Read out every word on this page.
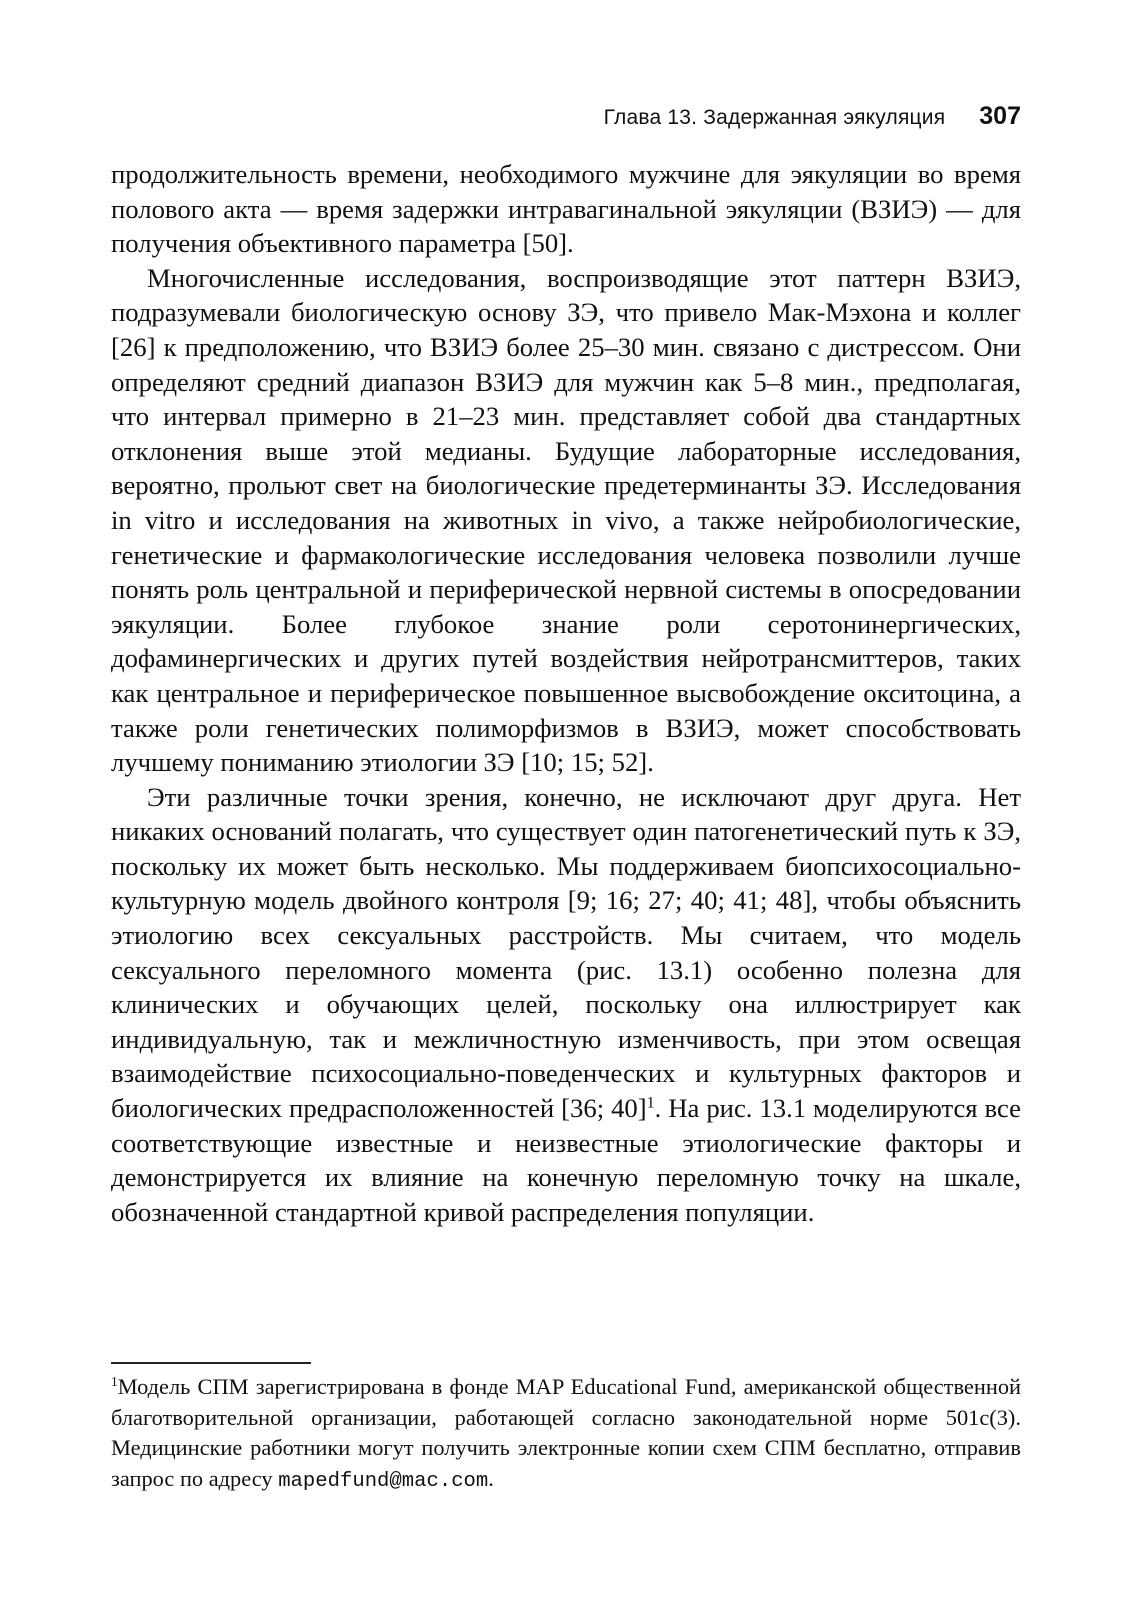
Глава 13. Задержанная эякуляция 307

продолжительность времени, необходимого мужчине для эякуляции во время полового акта — время задержки интравагинальной эякуляции (ВЗИЭ) — для получения объективного параметра [50].

Многочисленные исследования, воспроизводящие этот паттерн ВЗИЭ, подразумевали биологическую основу ЗЭ, что привело Мак-Мэхона и коллег [26] к предположению, что ВЗИЭ более 25–30 мин. связано с дистрессом. Они определяют средний диапазон ВЗИЭ для мужчин как 5–8 мин., предполагая, что интервал примерно в 21–23 мин. представляет собой два стандартных отклонения выше этой медианы. Будущие лабораторные исследования, вероятно, прольют свет на биологические предетерминанты ЗЭ. Исследования in vitro и исследования на животных in vivo, а также нейробиологические, генетические и фармакологические исследования человека позволили лучше понять роль центральной и периферической нервной системы в опосредовании эякуляции. Более глубокое знание роли серотонинергических, дофаминергических и других путей воздействия нейротрансмиттеров, таких как центральное и периферическое повышенное высвобождение окситоцина, а также роли генетических полиморфизмов в ВЗИЭ, может способствовать лучшему пониманию этиологии ЗЭ [10; 15; 52].

Эти различные точки зрения, конечно, не исключают друг друга. Нет никаких оснований полагать, что существует один патогенетический путь к ЗЭ, поскольку их может быть несколько. Мы поддерживаем биопсихосоциально-культурную модель двойного контроля [9; 16; 27; 40; 41; 48], чтобы объяснить этиологию всех сексуальных расстройств. Мы считаем, что модель сексуального переломного момента (рис. 13.1) особенно полезна для клинических и обучающих целей, поскольку она иллюстрирует как индивидуальную, так и межличностную изменчивость, при этом освещая взаимодействие психосоциально-поведенческих и культурных факторов и биологических предрасположенностей [36; 40]$^1$. На рис. 13.1 моделируются все соответствующие известные и неизвестные этиологические факторы и демонстрируется их влияние на конечную переломную точку на шкале, обозначенной стандартной кривой распределения популяции.

$^1$Модель СПМ зарегистрирована в фонде MAP Educational Fund, американской общественной благотворительной организации, работающей согласно законодательной норме 501с(3). Медицинские работники могут получить электронные копии схем СПМ бесплатно, отправив запрос по адресу mapedfund@mac.com.
